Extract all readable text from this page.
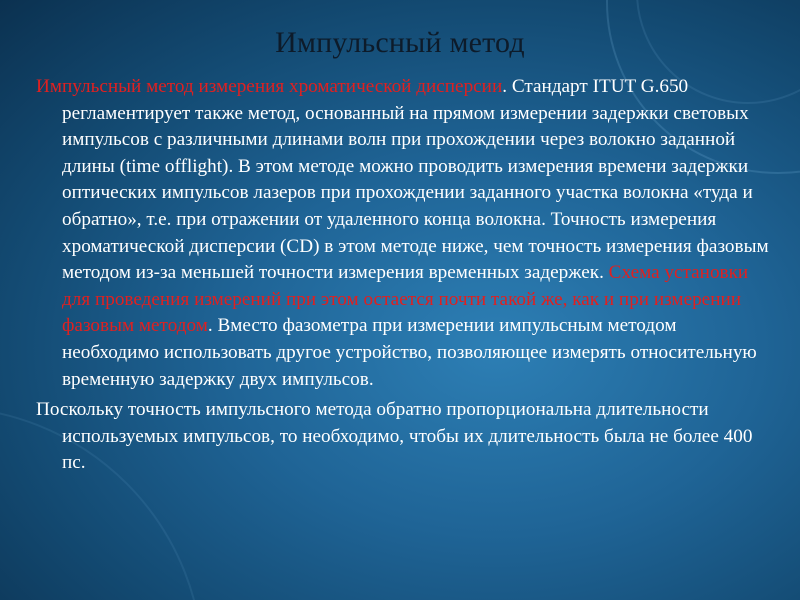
Импульсный метод

Импульсный метод измерения хроматической дисперсии. Стандарт ITUT G.650 регламентирует также метод, основанный на прямом измерении задержки световых импульсов с различными длинами волн при прохождении через волокно заданной длины (time offlight). В этом методе можно проводить измерения времени задержки оптических импульсов лазеров при прохождении заданного участка волокна «туда и обратно», т.е. при отражении от удаленного конца волокна. Точность измерения хроматической дисперсии (CD) в этом методе ниже, чем точность измерения фазовым методом из-за меньшей точности измерения временных задержек. Схема установки для проведения измерений при этом остается почти такой же, как и при измерении фазовым методом. Вместо фазометра при измерении импульсным методом необходимо использовать другое устройство, позволяющее измерять относительную временную задержку двух импульсов.

Поскольку точность импульсного метода обратно пропорциональна длительности используемых импульсов, то необходимо, чтобы их длительность была не более 400 пс.
